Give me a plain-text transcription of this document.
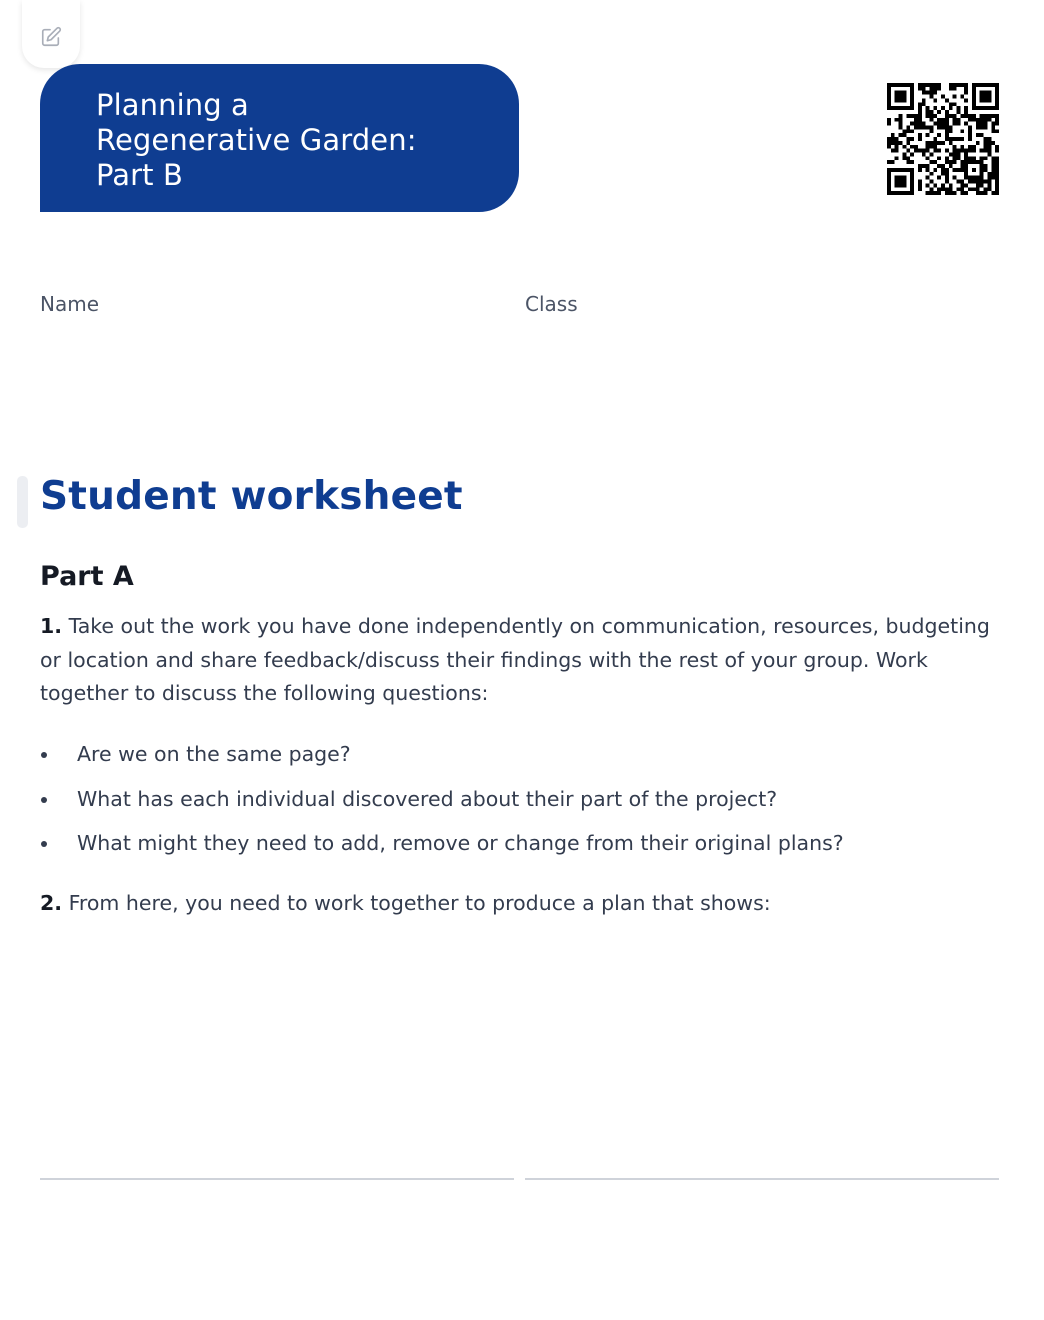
Planning a
Regenerative Garden:
Part B
Name	Class
Student worksheet
Part A

1. Take out the work you have done independently on communication, resources, budgeting or location and share feedback/discuss their findings with the rest of your group. Work together to discuss the following questions:

Are we on the same page?
What has each individual discovered about their part of the project?
What might they need to add, remove or change from their original plans?

2. From here, you need to work together to produce a plan that shows:
